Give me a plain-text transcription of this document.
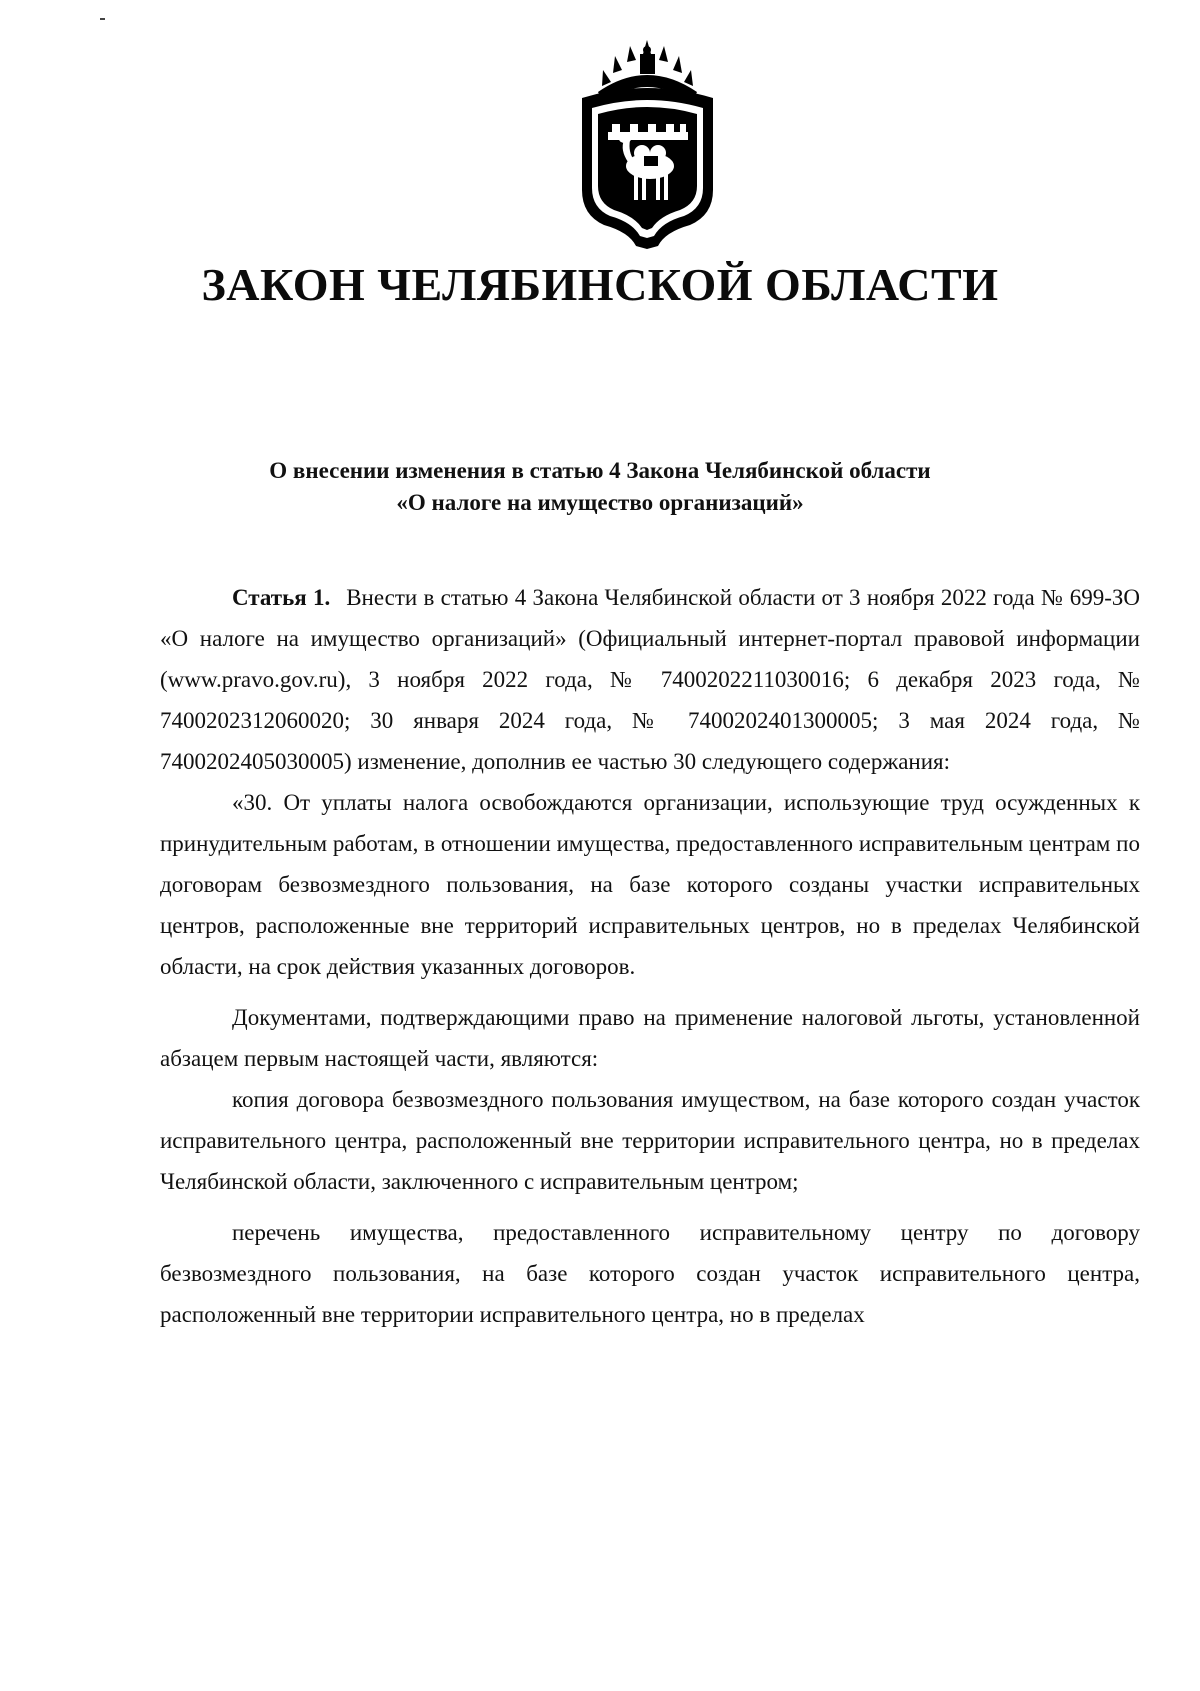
ЗАКОН ЧЕЛЯБИНСКОЙ ОБЛАСТИ
О внесении изменения в статью 4 Закона Челябинской области
«О налоге на имущество организаций»

Статья 1. Внести в статью 4 Закона Челябинской области от 3 ноября 2022 года № 699-ЗО «О налоге на имущество организаций» (Официальный интернет-портал правовой информации (www.pravo.gov.ru), 3 ноября 2022 года, № 7400202211030016; 6 декабря 2023 года, № 7400202312060020; 30 января 2024 года, № 7400202401300005; 3 мая 2024 года, № 7400202405030005) изменение, дополнив ее частью 30 следующего содержания:

«30. От уплаты налога освобождаются организации, использующие труд осужденных к принудительным работам, в отношении имущества, предоставленного исправительным центрам по договорам безвозмездного пользования, на базе которого созданы участки исправительных центров, расположенные вне территорий исправительных центров, но в пределах Челябинской области, на срок действия указанных договоров.

Документами, подтверждающими право на применение налоговой льготы, установленной абзацем первым настоящей части, являются:

копия договора безвозмездного пользования имуществом, на базе которого создан участок исправительного центра, расположенный вне территории исправительного центра, но в пределах Челябинской области, заключенного с исправительным центром;

перечень имущества, предоставленного исправительному центру по договору безвозмездного пользования, на базе которого создан участок исправительного центра, расположенный вне территории исправительного центра, но в пределах
